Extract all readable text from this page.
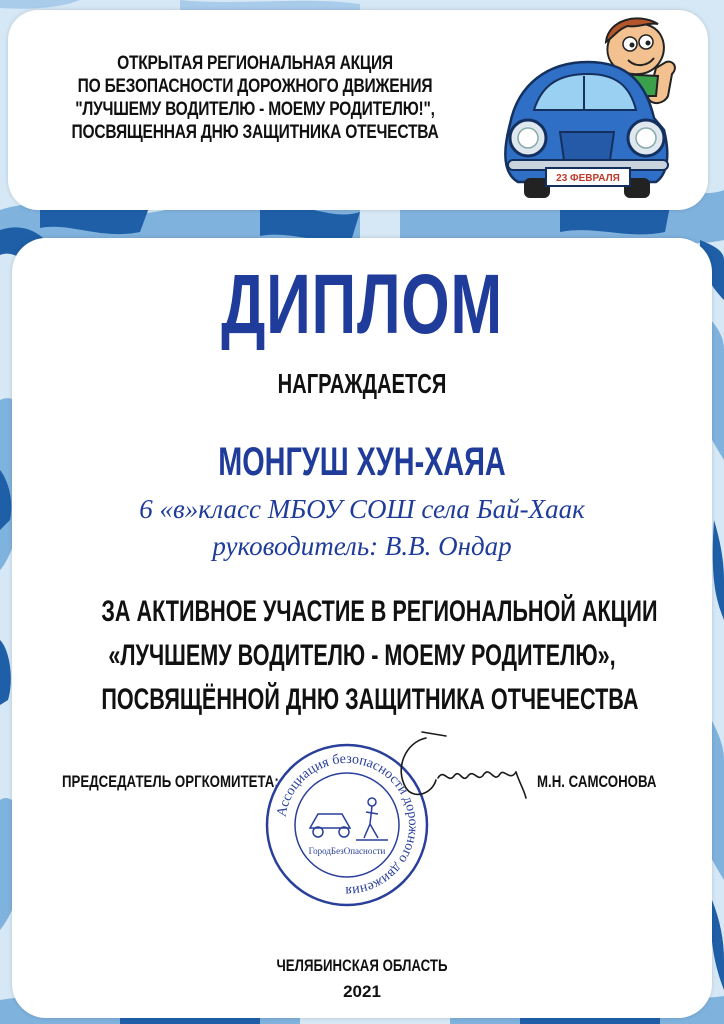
ОТКРЫТАЯ РЕГИОНАЛЬНАЯ АКЦИЯ
ПО БЕЗОПАСНОСТИ ДОРОЖНОГО ДВИЖЕНИЯ
"ЛУЧШЕМУ ВОДИТЕЛЮ - МОЕМУ РОДИТЕЛЮ!",
ПОСВЯЩЕННАЯ ДНЮ ЗАЩИТНИКА ОТЕЧЕСТВА
23 ФЕВРАЛЯ
ДИПЛОМ
НАГРАЖДАЕТСЯ
МОНГУШ ХУН-ХАЯА
6 «в»класс МБОУ СОШ села Бай-Хаак
руководитель: В.В. Ондар
ЗА АКТИВНОЕ УЧАСТИЕ В РЕГИОНАЛЬНОЙ АКЦИИ
«ЛУЧШЕМУ ВОДИТЕЛЮ - МОЕМУ РОДИТЕЛЮ»,
ПОСВЯЩЁННОЙ ДНЮ ЗАЩИТНИКА ОТЧЕЧЕСТВА
ПРЕДСЕДАТЕЛЬ ОРГКОМИТЕТА:
Ассоциация безопасности дорожного движения
ГородБезОпасности
М.Н. САМСОНОВА
ЧЕЛЯБИНСКАЯ ОБЛАСТЬ
2021
